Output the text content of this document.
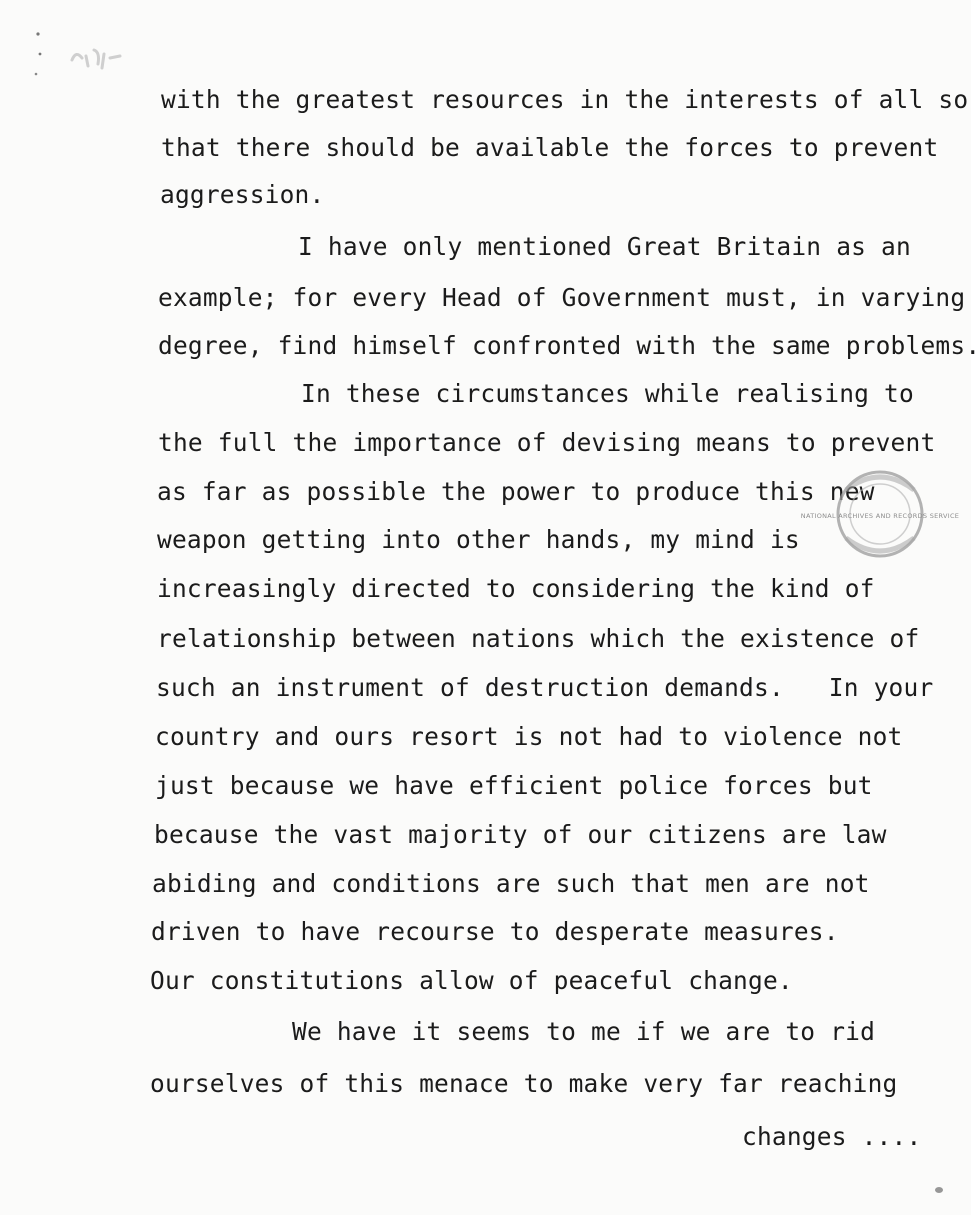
with the greatest resources in the interests of all so
that there should be available the forces to prevent
aggression.
I have only mentioned Great Britain as an
example; for every Head of Government must, in varying
degree, find himself confronted with the same problems.
In these circumstances while realising to
the full the importance of devising means to prevent
as far as possible the power to produce this new
weapon getting into other hands, my mind is
increasingly directed to considering the kind of
relationship between nations which the existence of
such an instrument of destruction demands.   In your
country and ours resort is not had to violence not
just because we have efficient police forces but
because the vast majority of our citizens are law
abiding and conditions are such that men are not
driven to have recourse to desperate measures.
Our constitutions allow of peaceful change.
We have it seems to me if we are to rid
ourselves of this menace to make very far reaching
changes ....
NATIONAL ARCHIVES AND RECORDS SERVICE
